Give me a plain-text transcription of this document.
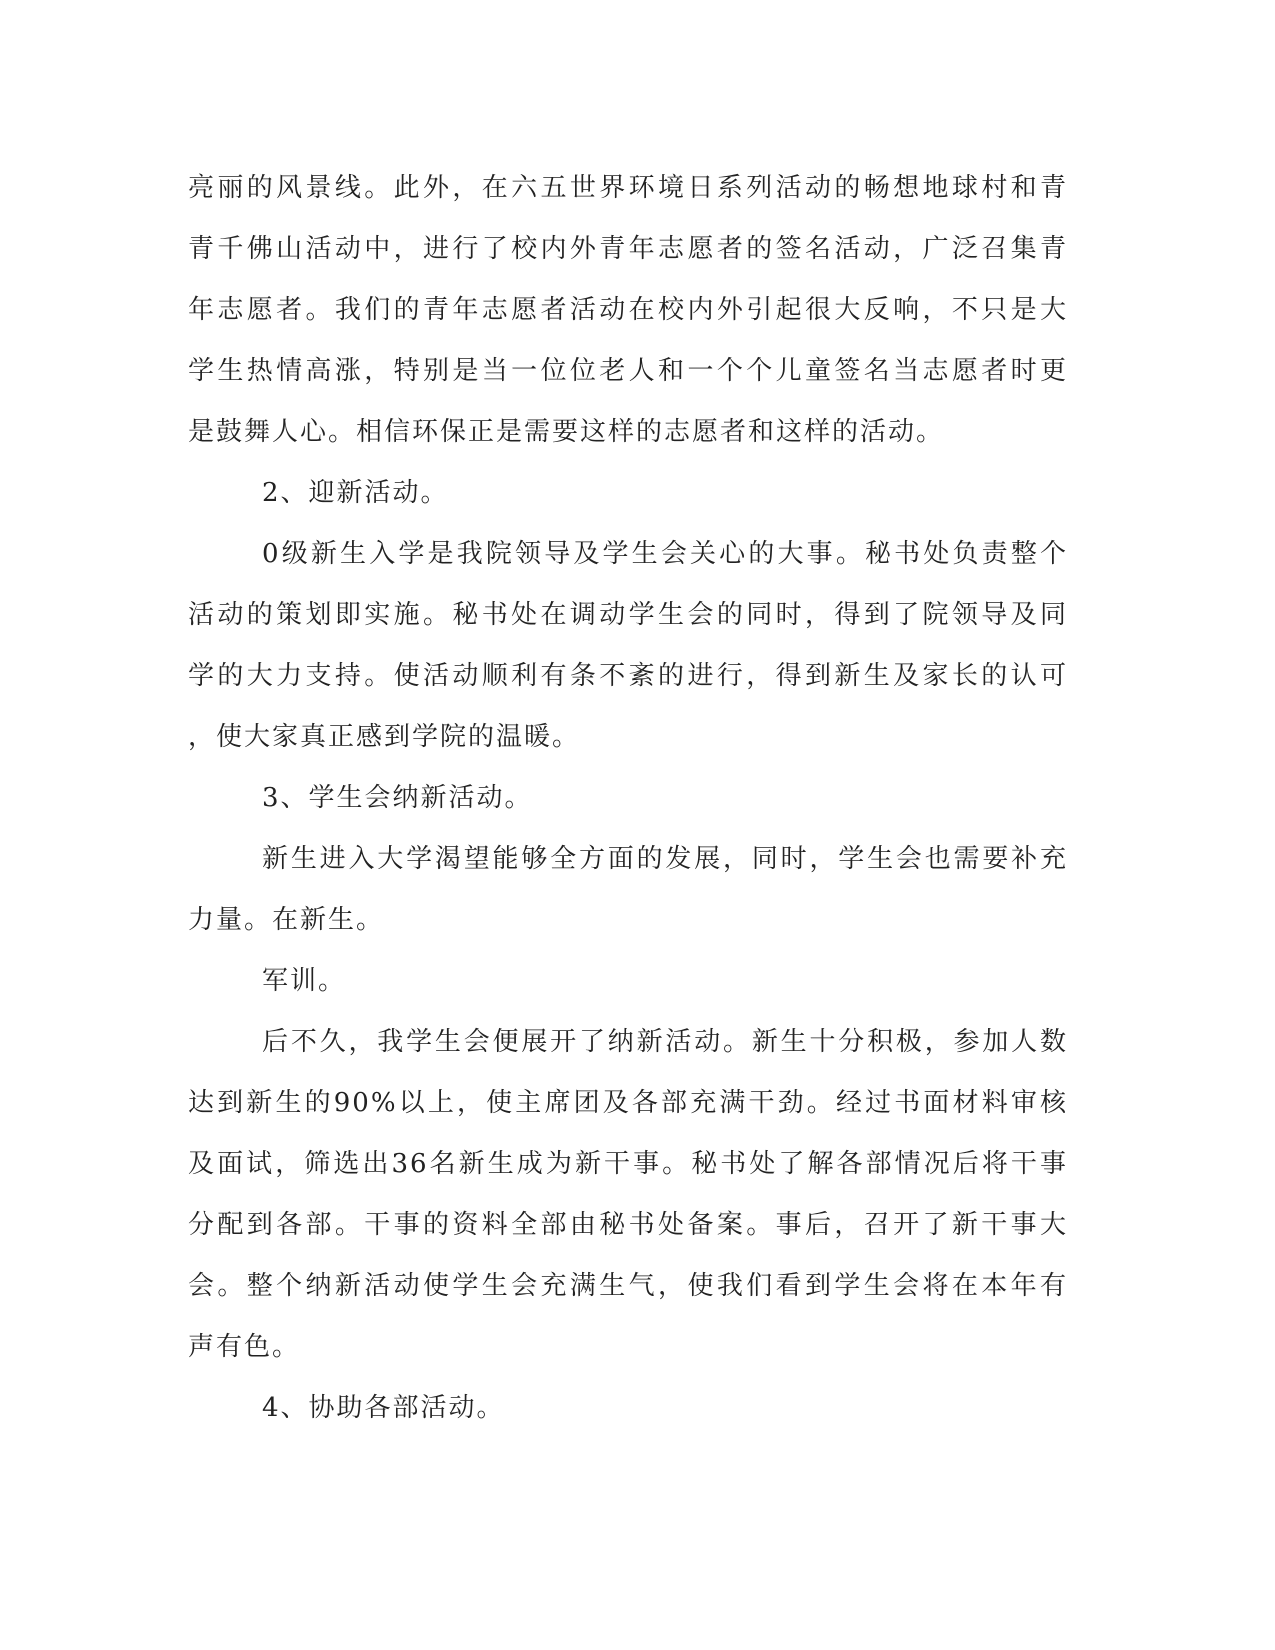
亮丽的风景线。此外，在六五世界环境日系列活动的畅想地球村和青
青千佛山活动中，进行了校内外青年志愿者的签名活动，广泛召集青
年志愿者。我们的青年志愿者活动在校内外引起很大反响，不只是大
学生热情高涨，特别是当一位位老人和一个个儿童签名当志愿者时更
是鼓舞人心。相信环保正是需要这样的志愿者和这样的活动。
2、迎新活动。
0级新生入学是我院领导及学生会关心的大事。秘书处负责整个
活动的策划即实施。秘书处在调动学生会的同时，得到了院领导及同
学的大力支持。使活动顺利有条不紊的进行，得到新生及家长的认可
，使大家真正感到学院的温暖。
3、学生会纳新活动。
新生进入大学渴望能够全方面的发展，同时，学生会也需要补充
力量。在新生。
军训。
后不久，我学生会便展开了纳新活动。新生十分积极，参加人数
达到新生的90%以上，使主席团及各部充满干劲。经过书面材料审核
及面试，筛选出36名新生成为新干事。秘书处了解各部情况后将干事
分配到各部。干事的资料全部由秘书处备案。事后，召开了新干事大
会。整个纳新活动使学生会充满生气，使我们看到学生会将在本年有
声有色。
4、协助各部活动。
